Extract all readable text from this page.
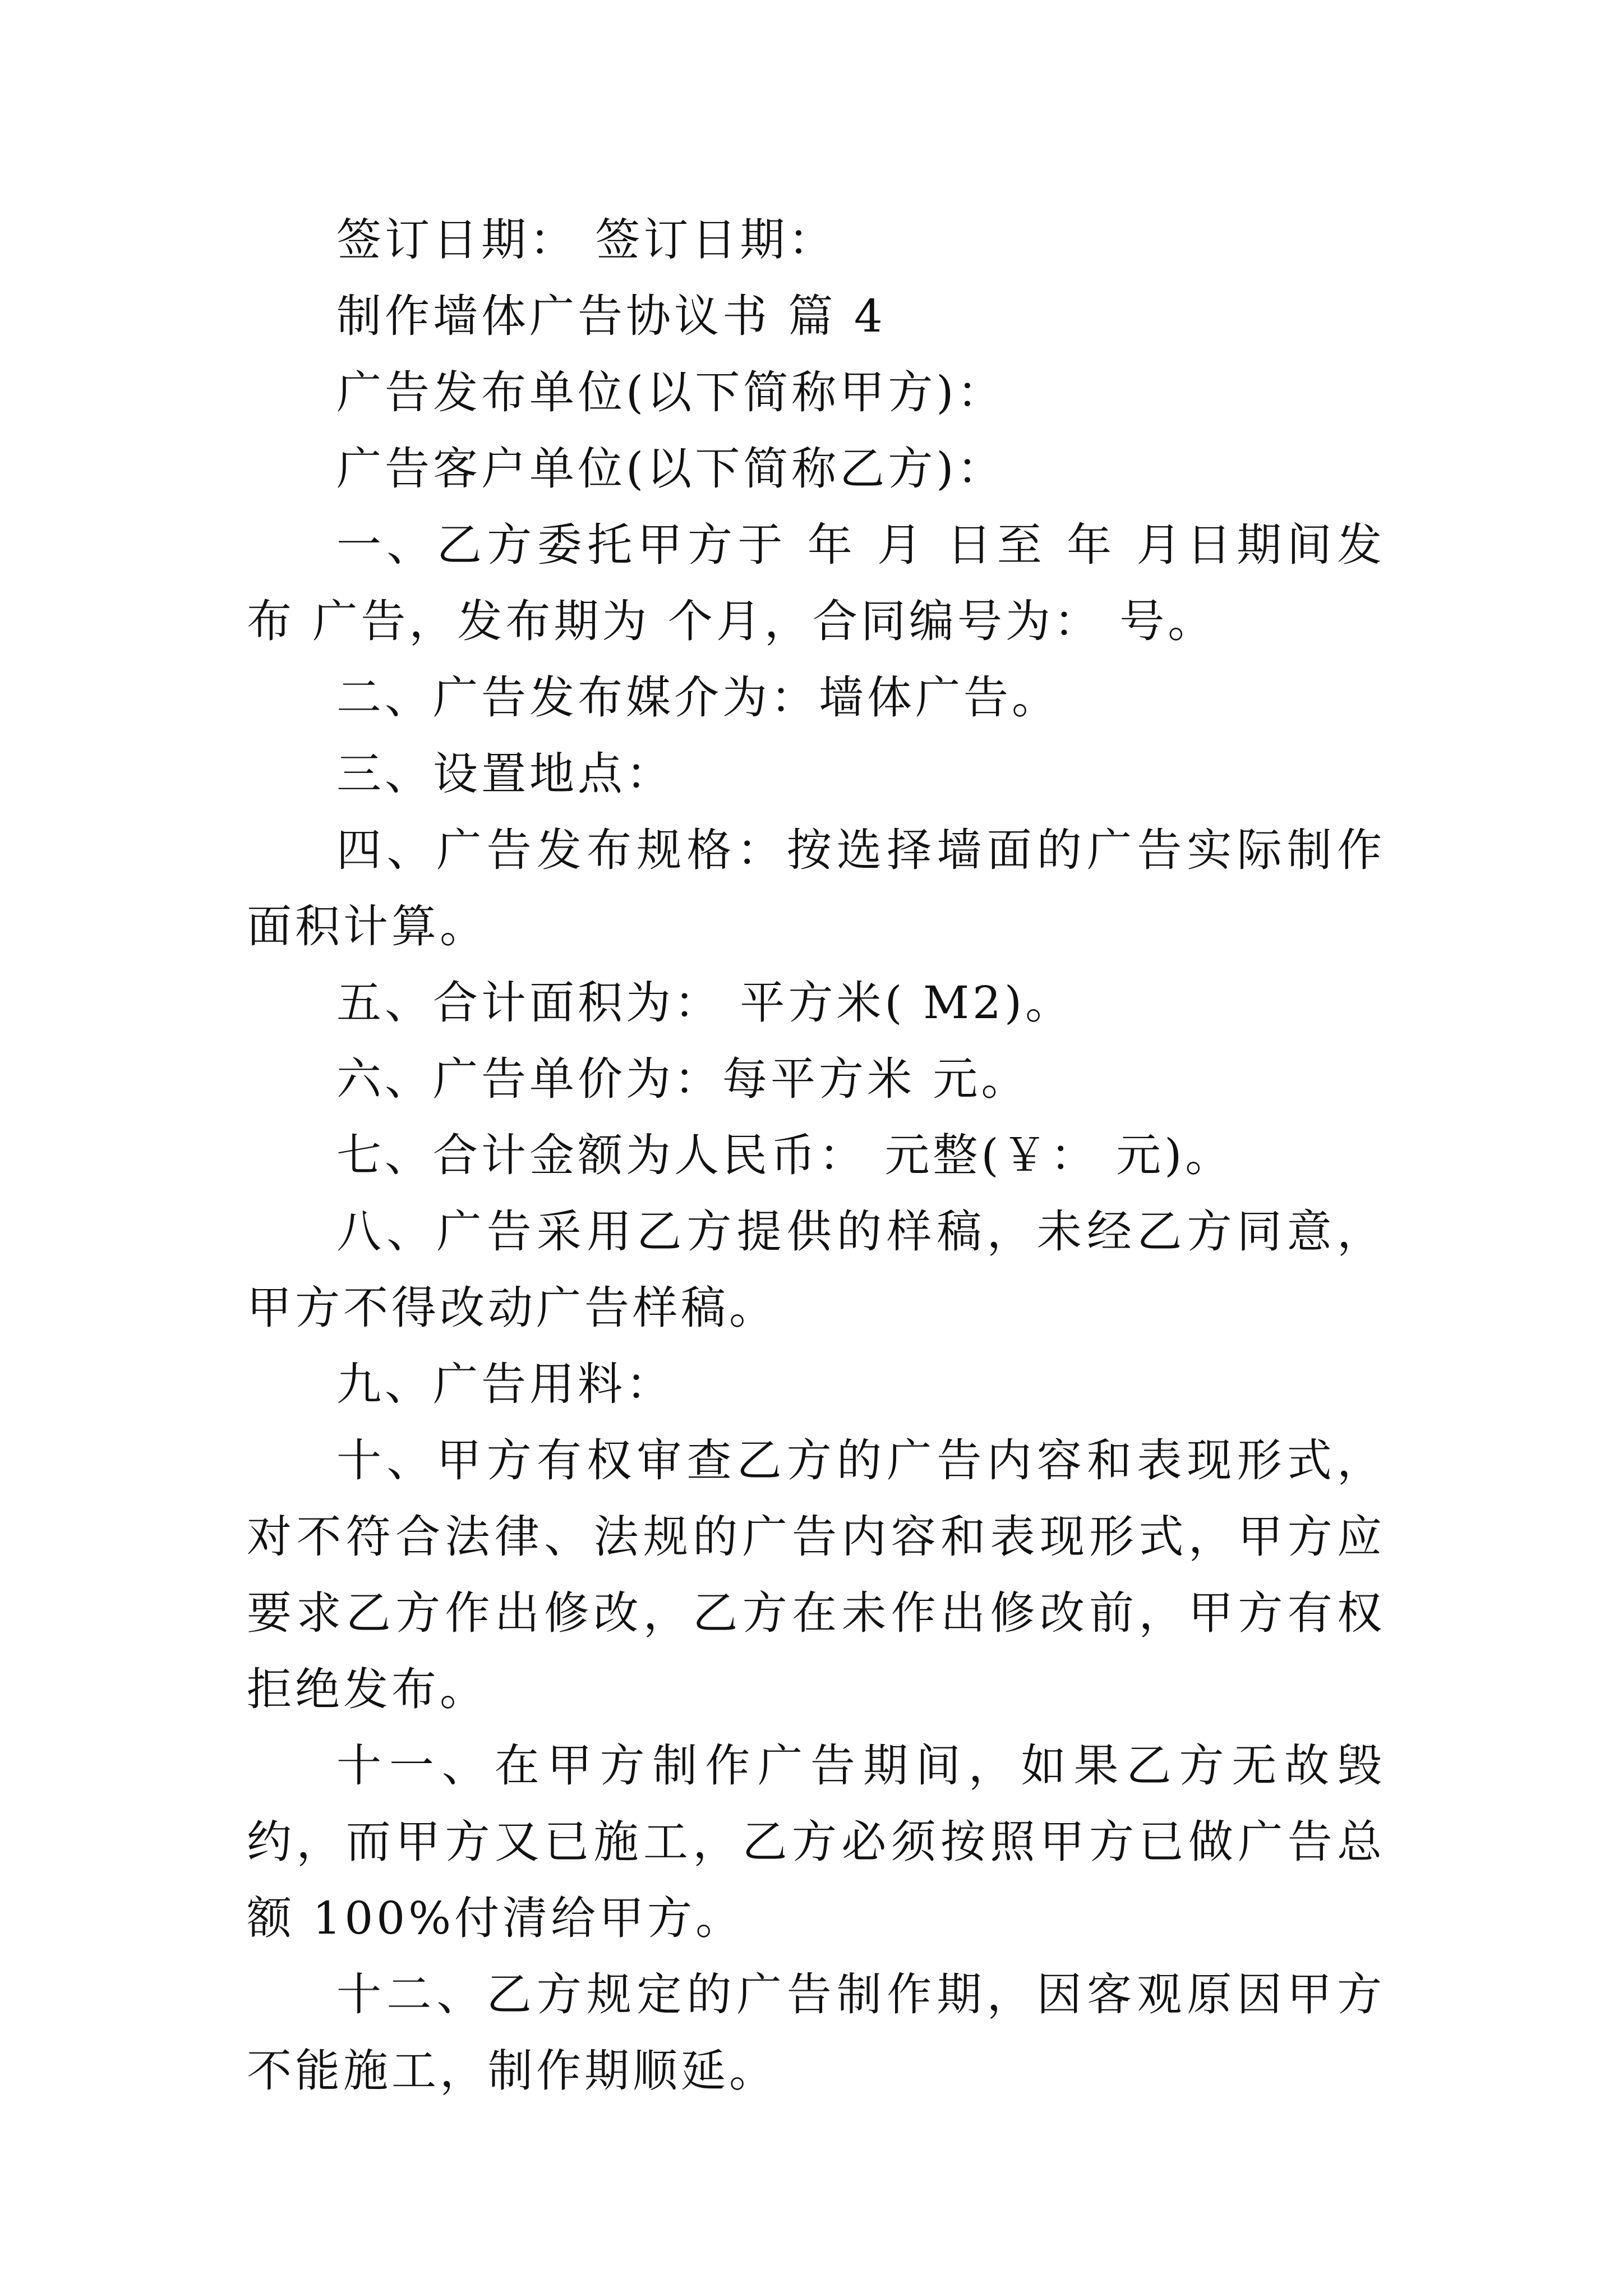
签订日期： 签订日期：

制作墙体广告协议书 篇 4

广告发布单位(以下简称甲方)：

广告客户单位(以下简称乙方)：

一、乙方委托甲方于 年 月 日至 年 月日期间发布 广告，发布期为 个月，合同编号为： 号。

二、广告发布媒介为：墙体广告。

三、设置地点：

四、广告发布规格：按选择墙面的广告实际制作面积计算。

五、合计面积为： 平方米( M2)。

六、广告单价为：每平方米 元。

七、合计金额为人民币： 元整(￥： 元)。

八、广告采用乙方提供的样稿，未经乙方同意，甲方不得改动广告样稿。

九、广告用料：

十、甲方有权审查乙方的广告内容和表现形式，对不符合法律、法规的广告内容和表现形式，甲方应要求乙方作出修改，乙方在未作出修改前，甲方有权拒绝发布。

十一、在甲方制作广告期间，如果乙方无故毁约，而甲方又已施工，乙方必须按照甲方已做广告总额 100%付清给甲方。

十二、乙方规定的广告制作期，因客观原因甲方不能施工，制作期顺延。
